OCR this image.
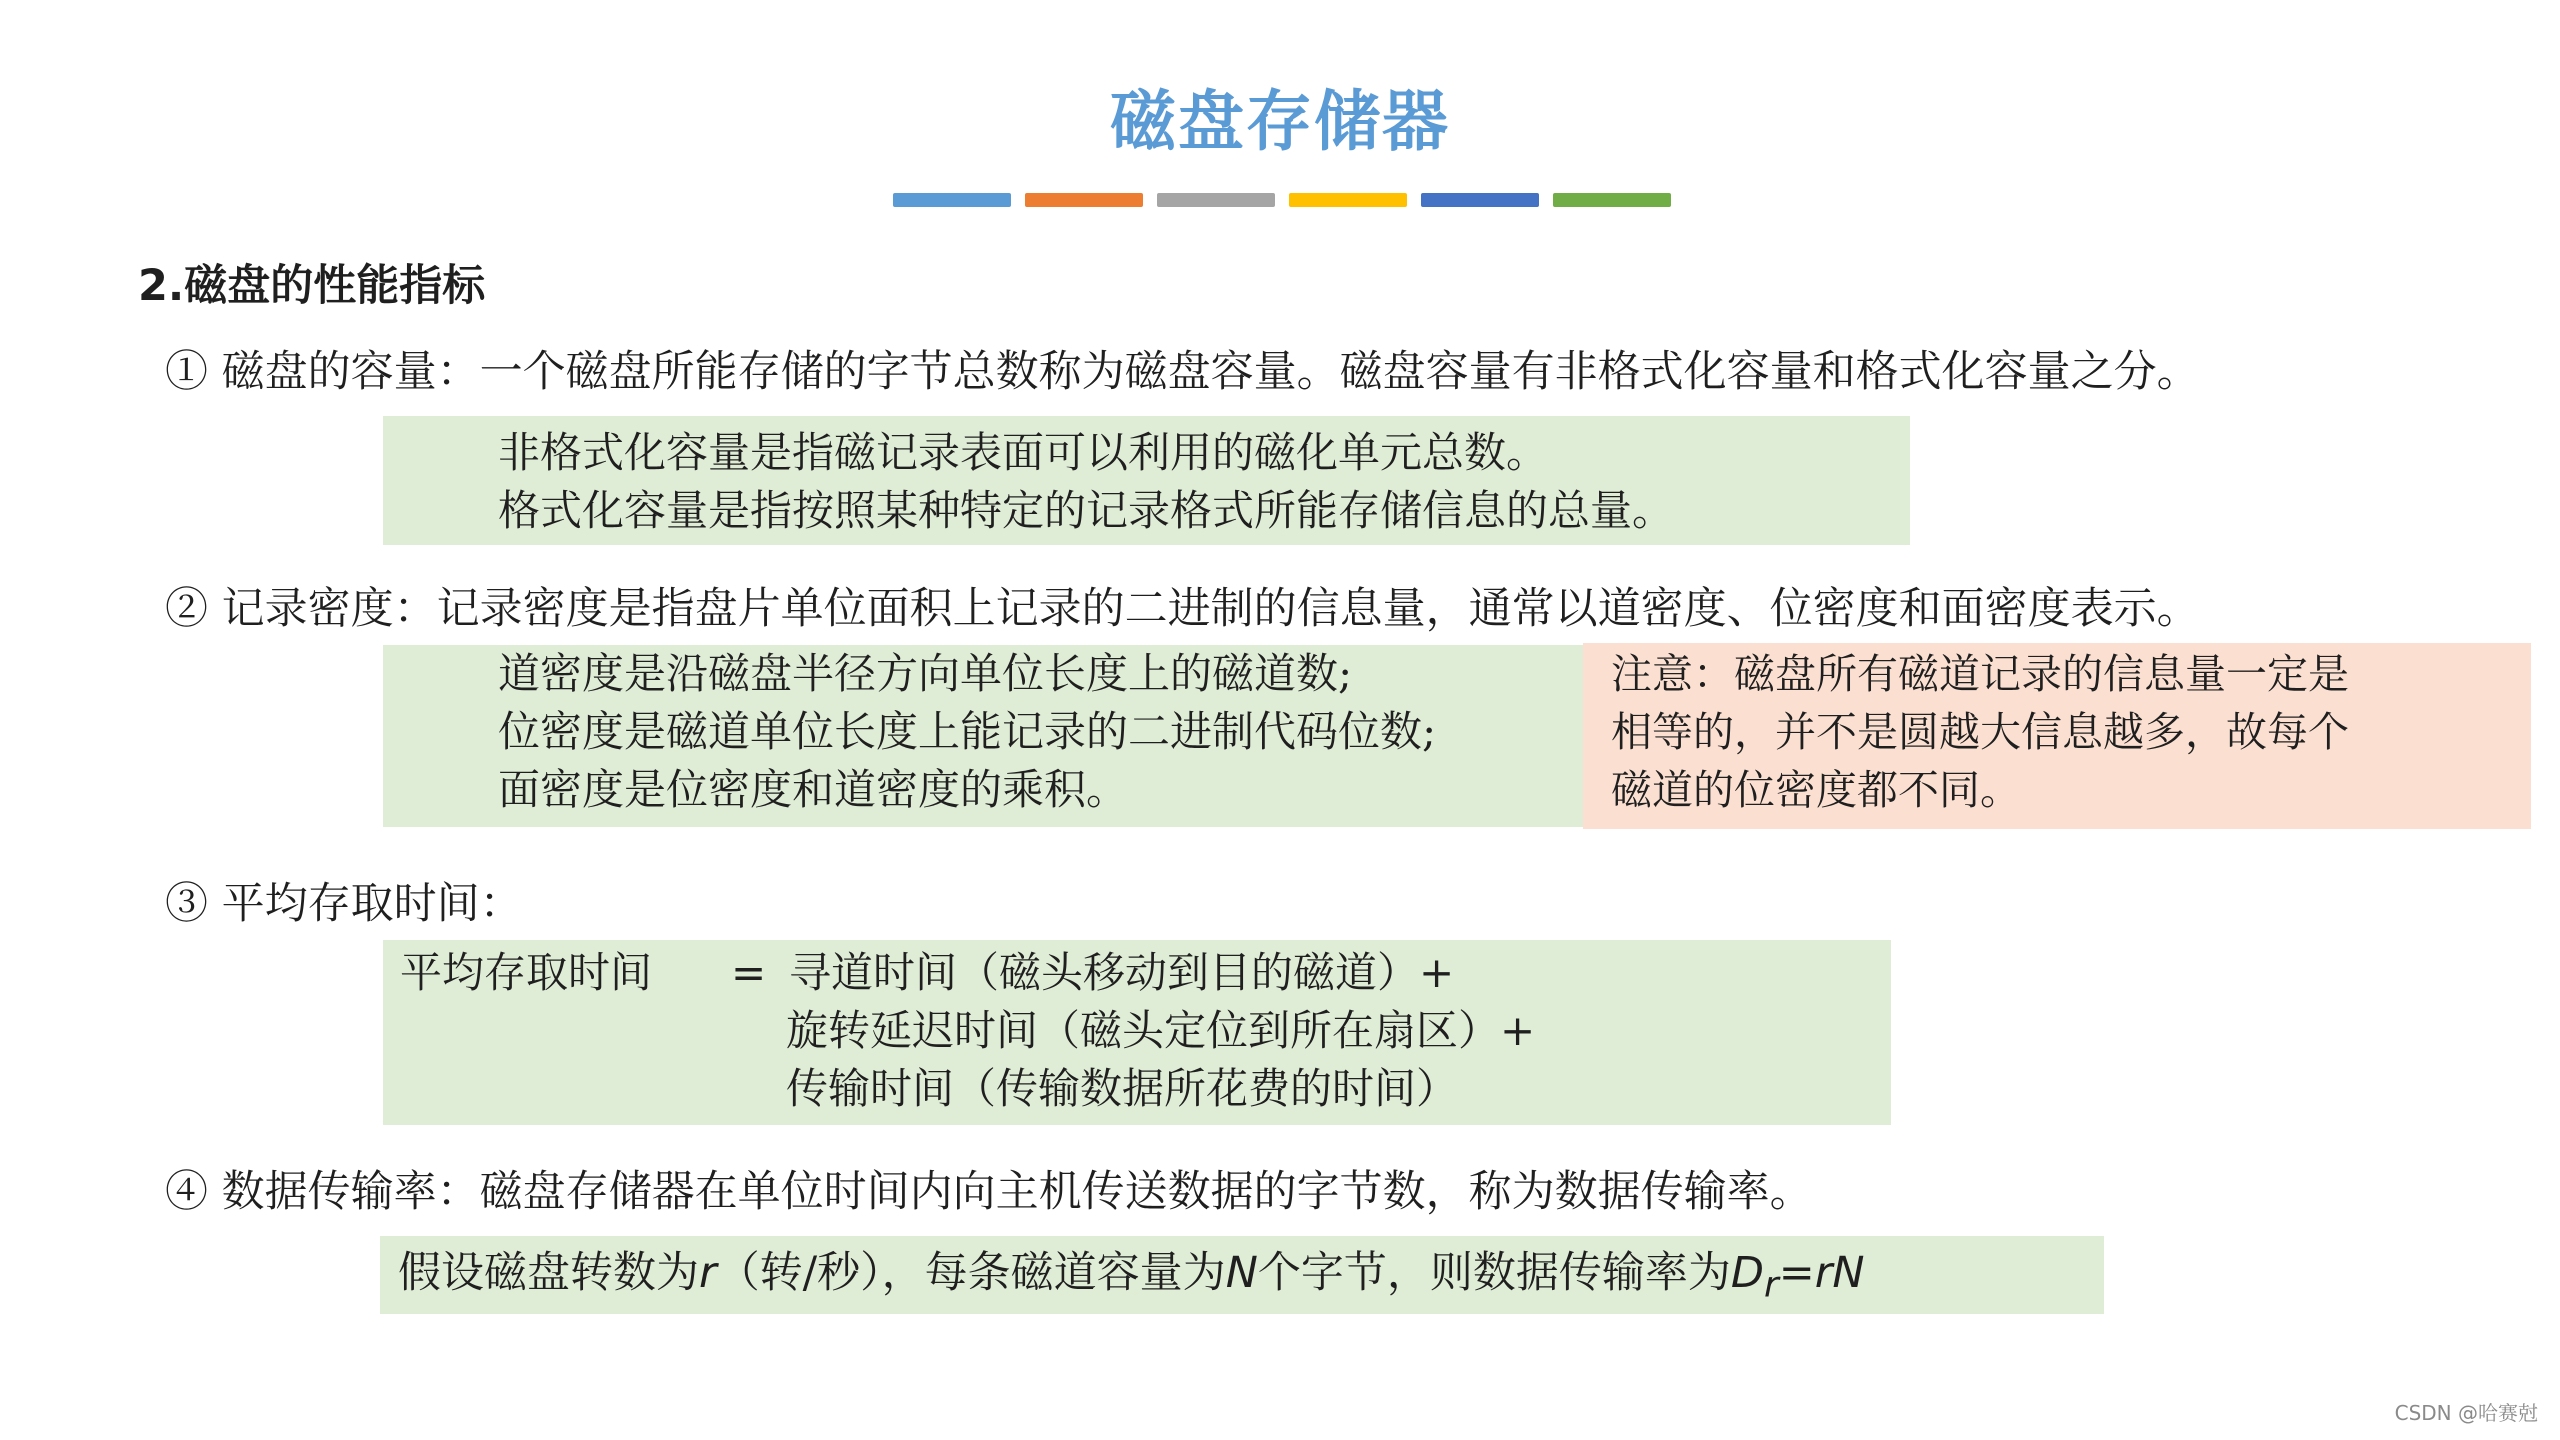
磁盘存储器
2.磁盘的性能指标
① 磁盘的容量：一个磁盘所能存储的字节总数称为磁盘容量。磁盘容量有非格式化容量和格式化容量之分。
非格式化容量是指磁记录表面可以利用的磁化单元总数。
格式化容量是指按照某种特定的记录格式所能存储信息的总量。
② 记录密度：记录密度是指盘片单位面积上记录的二进制的信息量，通常以道密度、位密度和面密度表示。
道密度是沿磁盘半径方向单位长度上的磁道数;
位密度是磁道单位长度上能记录的二进制代码位数;
面密度是位密度和道密度的乘积。
注意：磁盘所有磁道记录的信息量一定是
相等的，并不是圆越大信息越多，故每个
磁道的位密度都不同。
③ 平均存取时间：
平均存取时间 = 寻道时间（磁头移动到目的磁道）+
旋转延迟时间（磁头定位到所在扇区）+
传输时间（传输数据所花费的时间）
④ 数据传输率：磁盘存储器在单位时间内向主机传送数据的字节数，称为数据传输率。
假设磁盘转数为r（转/秒），每条磁道容量为N个字节，则数据传输率为$D_r=rN$
CSDN @哈赛尅
